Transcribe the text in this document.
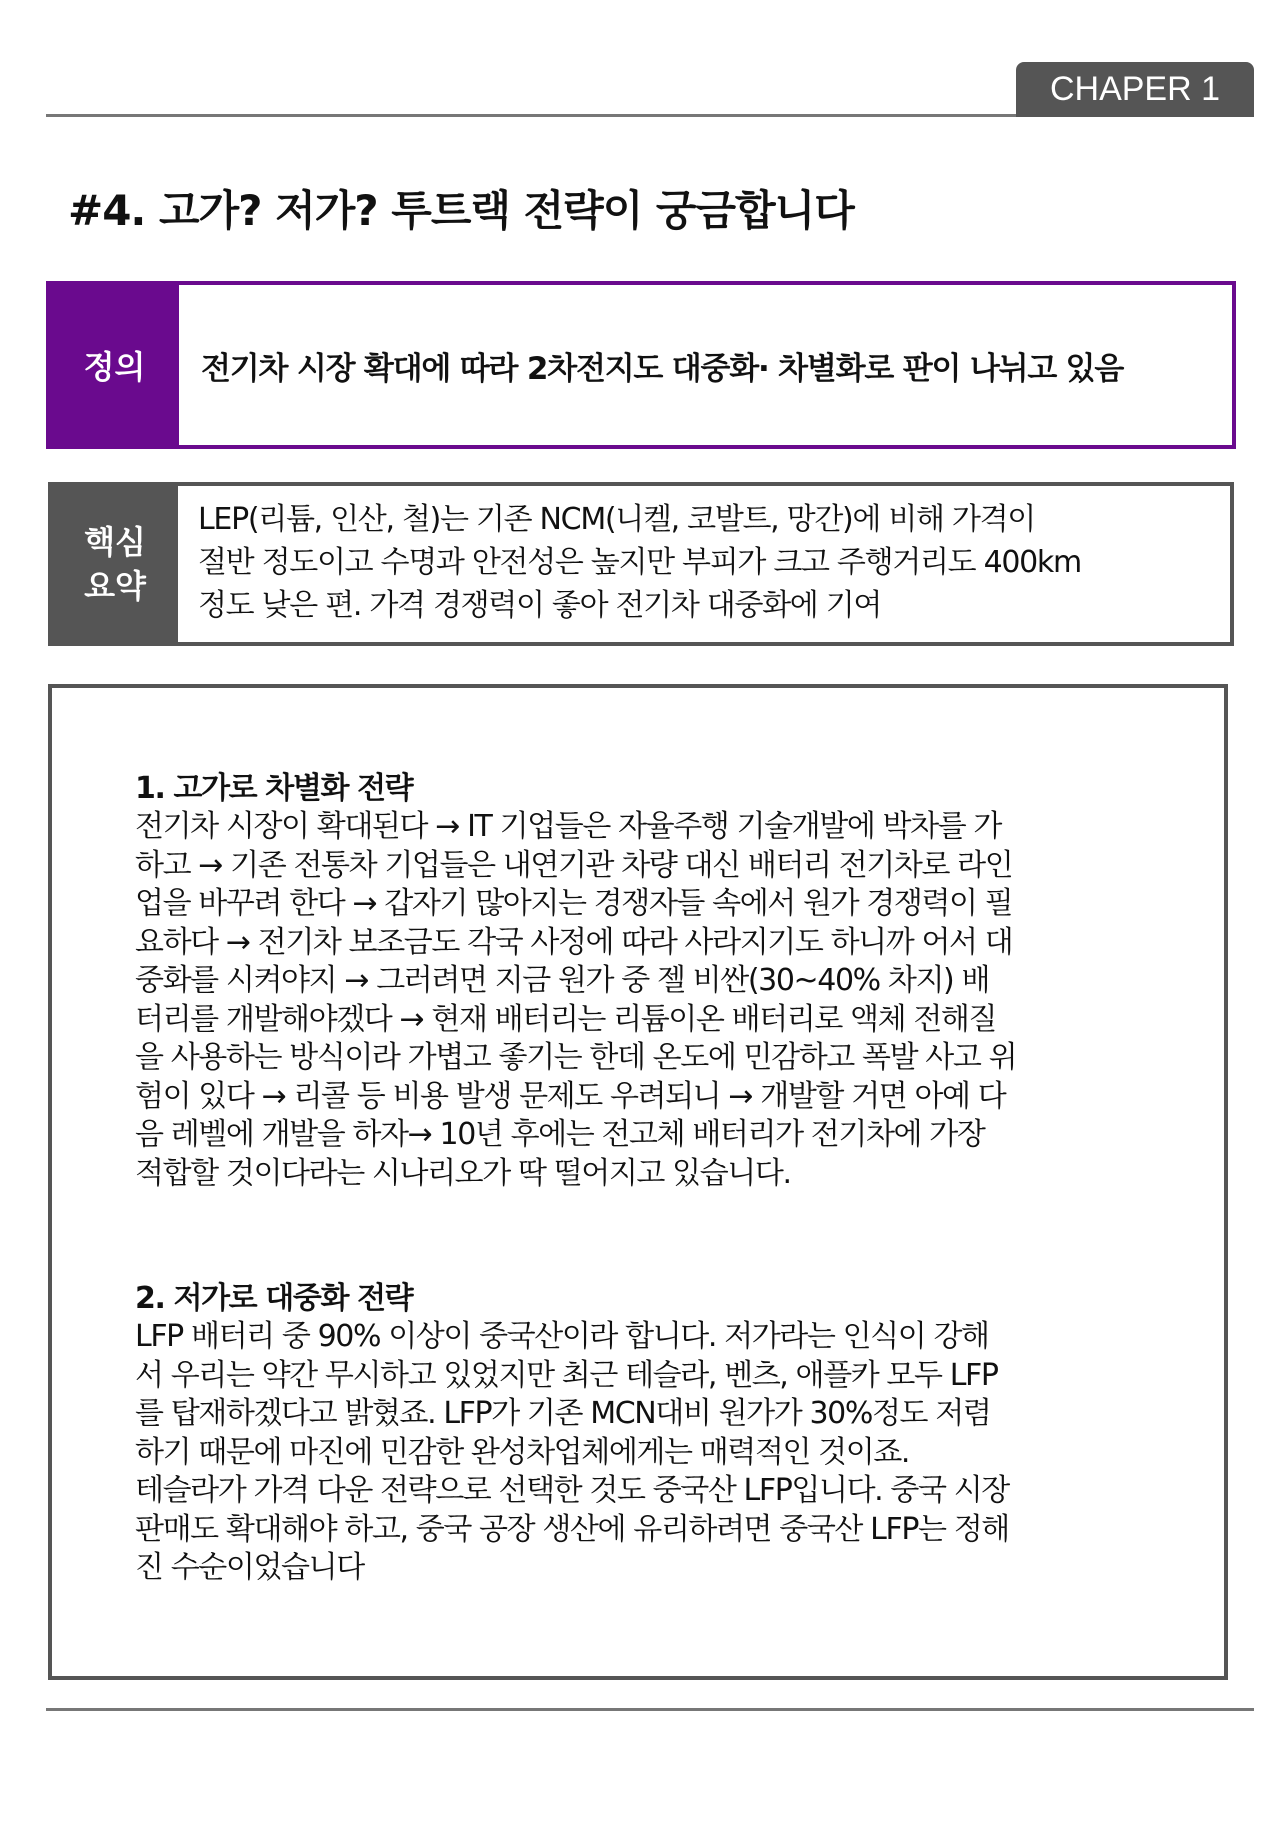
CHAPER 1
#4. 고가? 저가? 투트랙 전략이 궁금합니다
정의	전기차 시장 확대에 따라 2차전지도 대중화· 차별화로 판이 나뉘고 있음
핵심
요약
LEP(리튬, 인산, 철)는 기존 NCM(니켈, 코발트, 망간)에 비해 가격이
절반 정도이고 수명과 안전성은 높지만 부피가 크고 주행거리도 400km
정도 낮은 편. 가격 경쟁력이 좋아 전기차 대중화에 기여
1. 고가로 차별화 전략
전기차 시장이 확대된다 → IT 기업들은 자율주행 기술개발에 박차를 가
하고 → 기존 전통차 기업들은 내연기관 차량 대신 배터리 전기차로 라인
업을 바꾸려 한다 → 갑자기 많아지는 경쟁자들 속에서 원가 경쟁력이 필
요하다 → 전기차 보조금도 각국 사정에 따라 사라지기도 하니까 어서 대
중화를 시켜야지 → 그러려면 지금 원가 중 젤 비싼(30~40% 차지) 배
터리를 개발해야겠다 → 현재 배터리는 리튬이온 배터리로 액체 전해질
을 사용하는 방식이라 가볍고 좋기는 한데 온도에 민감하고 폭발 사고 위
험이 있다 → 리콜 등 비용 발생 문제도 우려되니 → 개발할 거면 아예 다
음 레벨에 개발을 하자→ 10년 후에는 전고체 배터리가 전기차에 가장
적합할 것이다라는 시나리오가 딱 떨어지고 있습니다.
2. 저가로 대중화 전략
LFP 배터리 중 90% 이상이 중국산이라 합니다. 저가라는 인식이 강해
서 우리는 약간 무시하고 있었지만 최근 테슬라, 벤츠, 애플카 모두 LFP
를 탑재하겠다고 밝혔죠. LFP가 기존 MCN대비 원가가 30%정도 저렴
하기 때문에 마진에 민감한 완성차업체에게는 매력적인 것이죠.
테슬라가 가격 다운 전략으로 선택한 것도 중국산 LFP입니다. 중국 시장
판매도 확대해야 하고, 중국 공장 생산에 유리하려면 중국산 LFP는 정해
진 수순이었습니다
